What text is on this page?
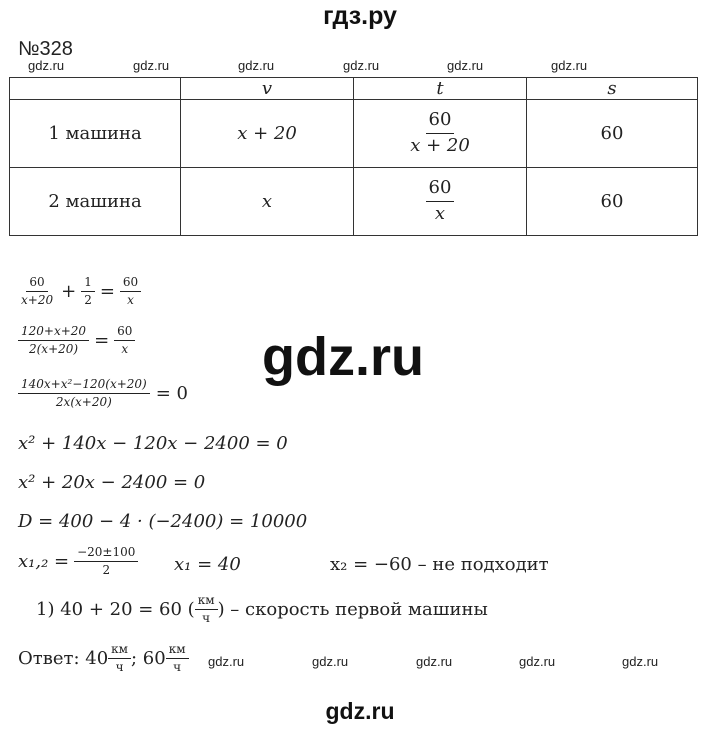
гдз.ру
№328
gdz.ru	gdz.ru	gdz.ru	gdz.ru	gdz.ru	gdz.ru
	v	t	s
1 машина	x + 20	$\frac{60}{x + 20}$	60
2 машина	x	$\frac{60}{x}$	60
$\frac{60}{x+20} + \frac{1}{2} = \frac{60}{x}$
$\frac{120+x+20}{2(x+20)} = \frac{60}{x} gdz.ru$
$\frac{\text{140x+x²−120(x+20)}}{2x(x+20)} = 0$
x² + 140x − 120x − 2400 = 0
x² + 20x − 2400 = 0
D = 400 − 4 · (−2400) = 10000
$x_1,_2 = \frac{-20\pm 100}{2} x_1 = 40$	x₂ = −60 – не подходит
1) 40 + 20 = 60 ( $\frac{км}{ч}$ ) – скорость первой машины
Ответ: $40 \frac{км}{ч}$ ; $60 \frac{км}{ч} gdz.ru$	gdz.ru	gdz.ru	gdz.ru	gdz.ru
gdz.ru
